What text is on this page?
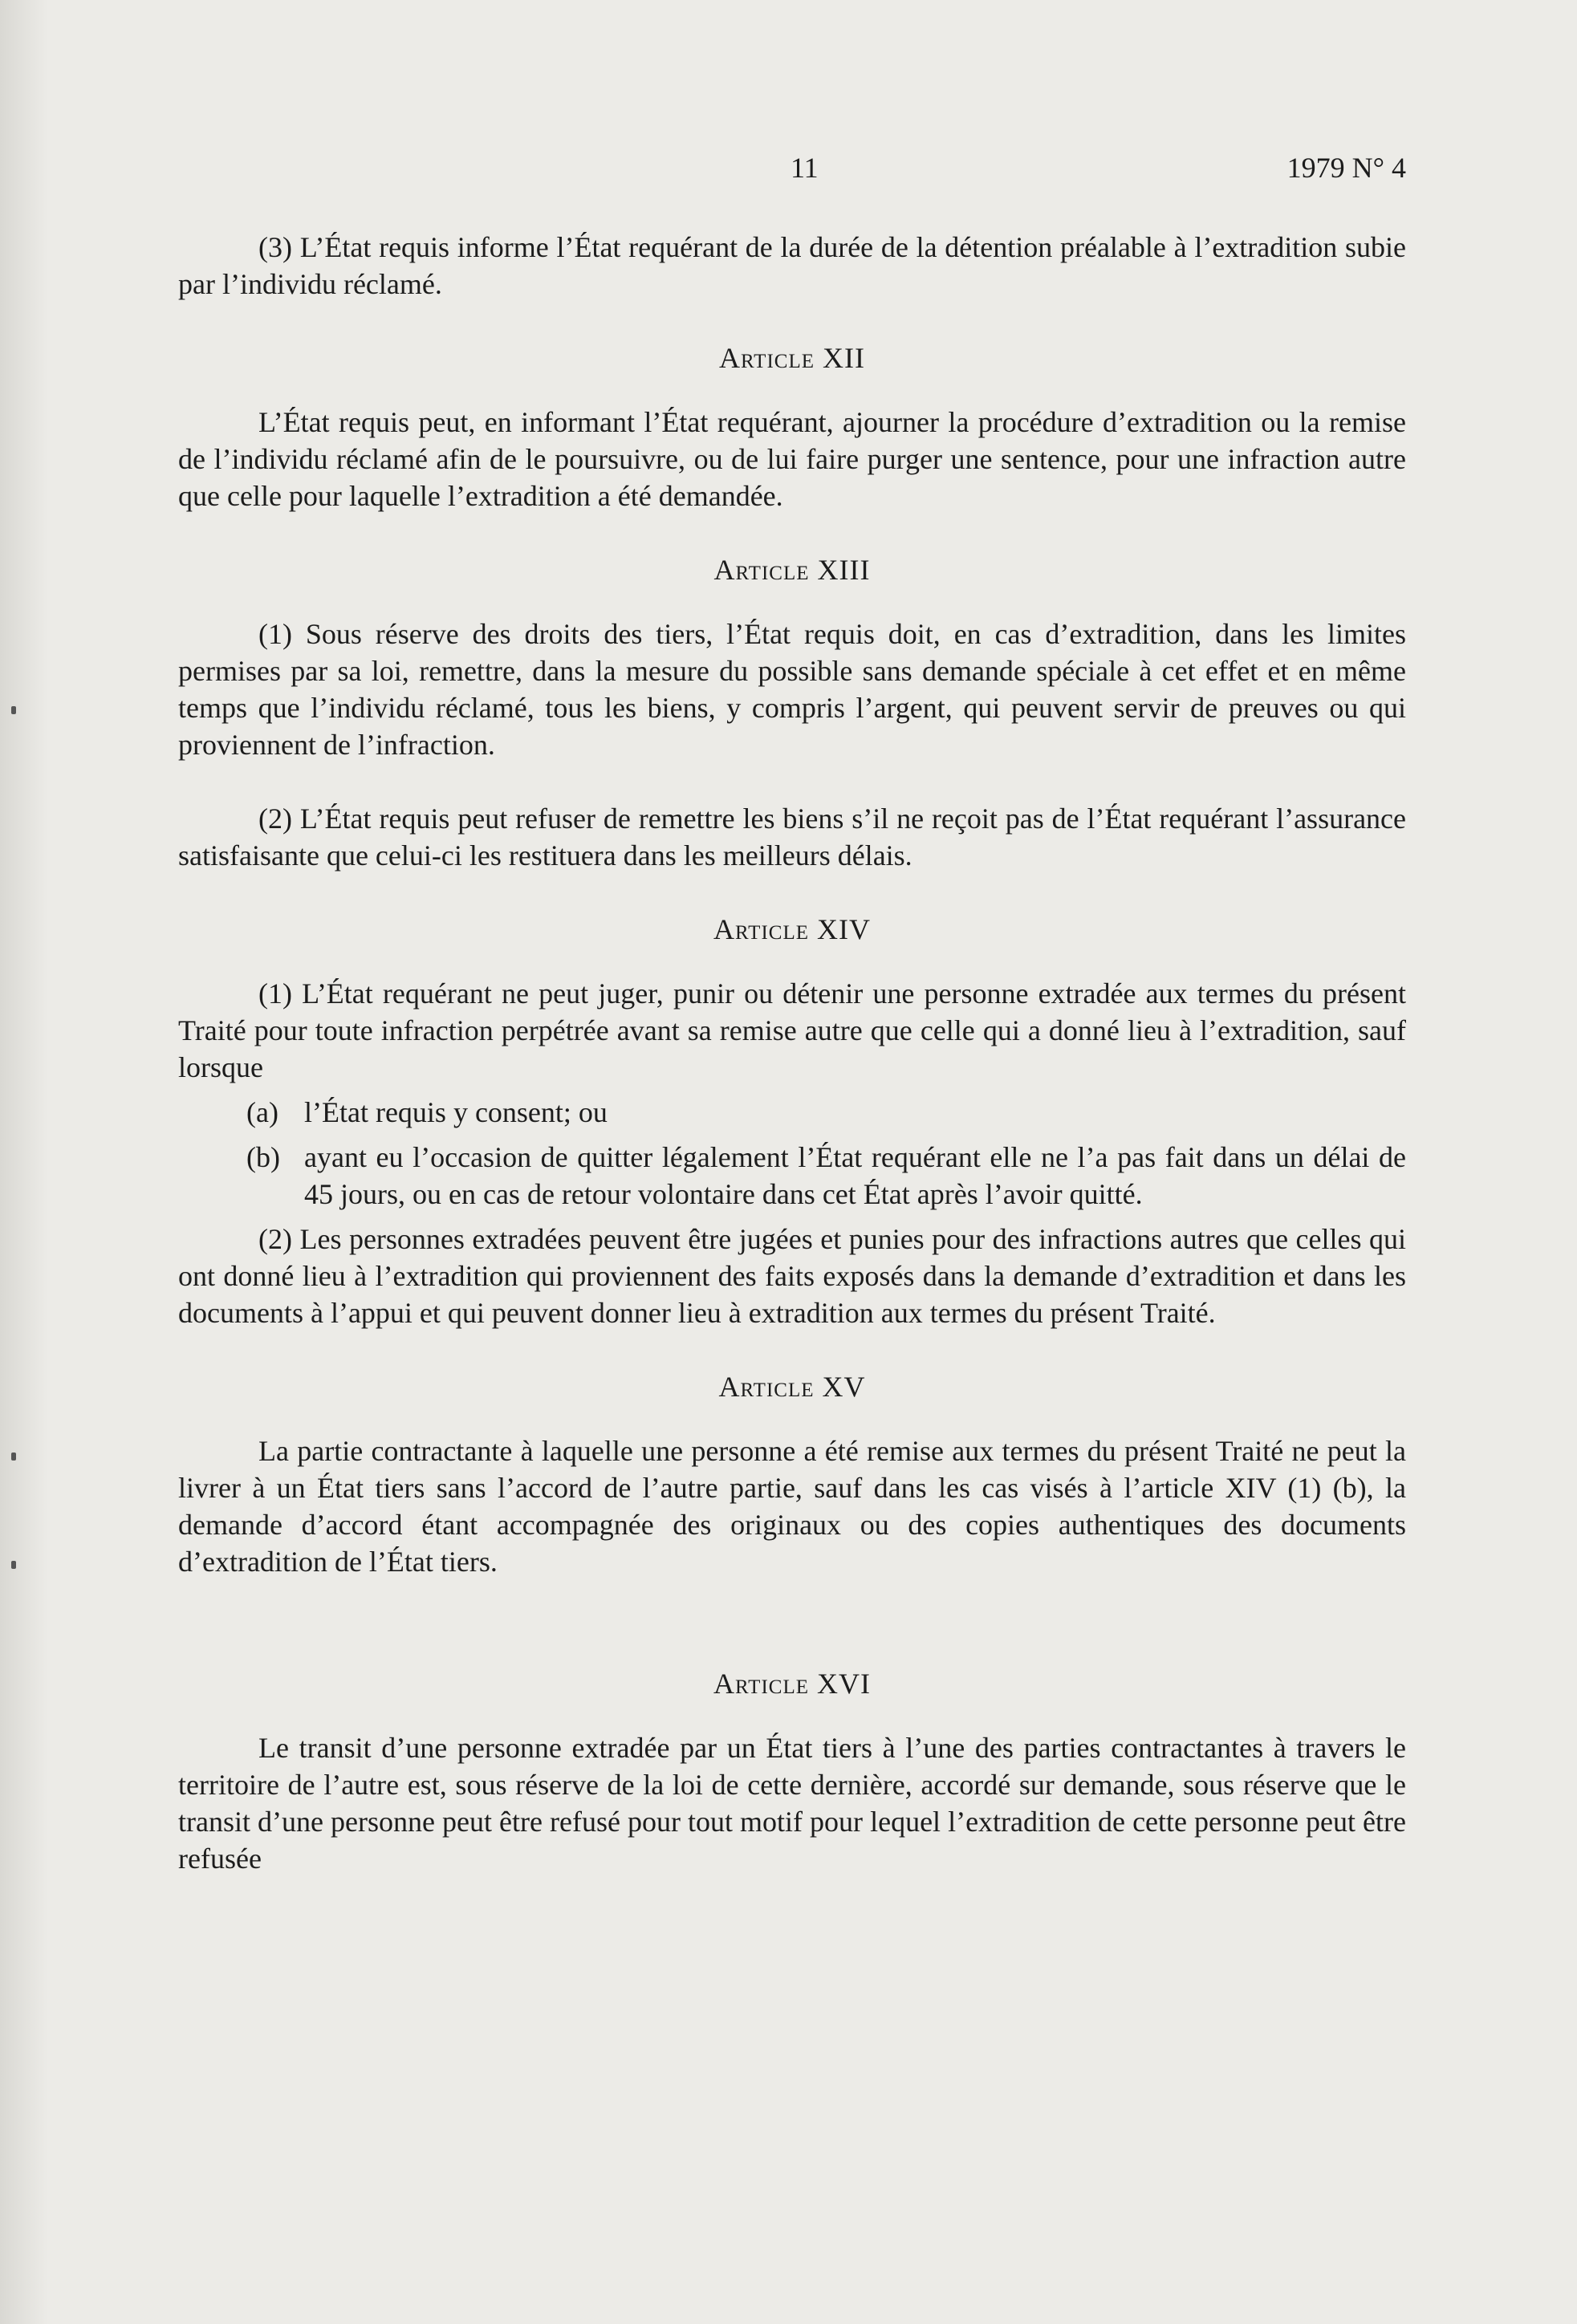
11	1979 N° 4

(3) L’État requis informe l’État requérant de la durée de la détention préalable à l’extradition subie par l’individu réclamé.

Article XII

L’État requis peut, en informant l’État requérant, ajourner la procédure d’extradition ou la remise de l’individu réclamé afin de le poursuivre, ou de lui faire purger une sentence, pour une infraction autre que celle pour laquelle l’extradition a été demandée.

Article XIII

(1) Sous réserve des droits des tiers, l’État requis doit, en cas d’extradition, dans les limites permises par sa loi, remettre, dans la mesure du possible sans demande spéciale à cet effet et en même temps que l’individu réclamé, tous les biens, y compris l’argent, qui peuvent servir de preuves ou qui proviennent de l’infraction.

(2) L’État requis peut refuser de remettre les biens s’il ne reçoit pas de l’État requérant l’assurance satisfaisante que celui-ci les restituera dans les meilleurs délais.

Article XIV

(1) L’État requérant ne peut juger, punir ou détenir une personne extradée aux termes du présent Traité pour toute infraction perpétrée avant sa remise autre que celle qui a donné lieu à l’extradition, sauf lorsque

(a) l’État requis y consent; ou
(b) ayant eu l’occasion de quitter légalement l’État requérant elle ne l’a pas fait dans un délai de 45 jours, ou en cas de retour volontaire dans cet État après l’avoir quitté.

(2) Les personnes extradées peuvent être jugées et punies pour des infractions autres que celles qui ont donné lieu à l’extradition qui proviennent des faits exposés dans la demande d’extradition et dans les documents à l’appui et qui peuvent donner lieu à extradition aux termes du présent Traité.

Article XV

La partie contractante à laquelle une personne a été remise aux termes du présent Traité ne peut la livrer à un État tiers sans l’accord de l’autre partie, sauf dans les cas visés à l’article XIV (1) (b), la demande d’accord étant accompagnée des originaux ou des copies authentiques des documents d’extradition de l’État tiers.

Article XVI

Le transit d’une personne extradée par un État tiers à l’une des parties contractantes à travers le territoire de l’autre est, sous réserve de la loi de cette dernière, accordé sur demande, sous réserve que le transit d’une personne peut être refusé pour tout motif pour lequel l’extradition de cette personne peut être refusée
